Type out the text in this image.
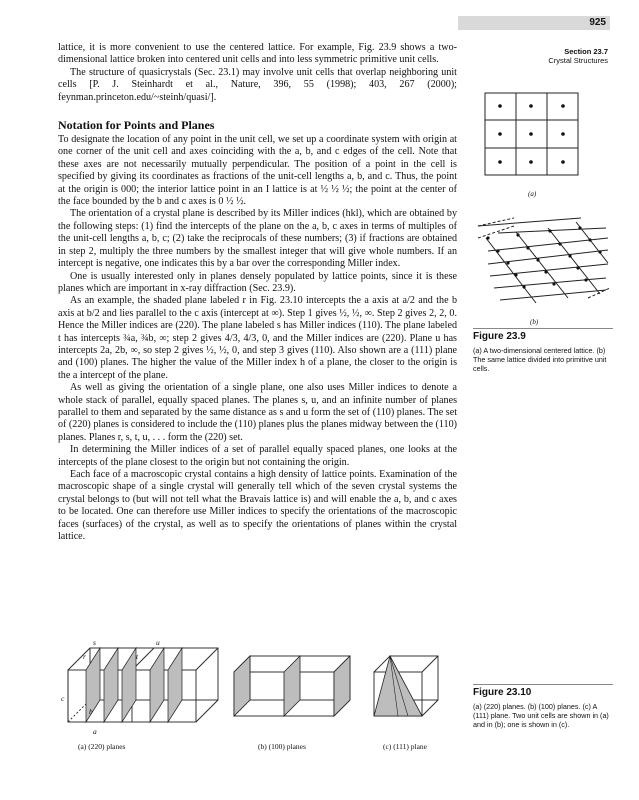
925
Section 23.7
Crystal Structures

lattice, it is more convenient to use the centered lattice. For example, Fig. 23.9 shows a two-dimensional lattice broken into centered unit cells and into less symmetric primitive unit cells.

The structure of quasicrystals (Sec. 23.1) may involve unit cells that overlap neighboring unit cells [P. J. Steinhardt et al., Nature, 396, 55 (1998); 403, 267 (2000); feynman.princeton.edu/~steinh/quasi/].

Notation for Points and Planes

To designate the location of any point in the unit cell, we set up a coordinate system with origin at one corner of the unit cell and axes coinciding with the a, b, and c edges of the cell. Note that these axes are not necessarily mutually perpendicular. The position of a point in the cell is specified by giving its coordinates as fractions of the unit-cell lengths a, b, and c. Thus, the point at the origin is 000; the interior lattice point in an I lattice is at ½ ½ ½; the point at the center of the face bounded by the b and c axes is 0 ½ ½.

The orientation of a crystal plane is described by its Miller indices (hkl), which are obtained by the following steps: (1) find the intercepts of the plane on the a, b, c axes in terms of multiples of the unit-cell lengths a, b, c; (2) take the reciprocals of these numbers; (3) if fractions are obtained in step 2, multiply the three numbers by the smallest integer that will give whole numbers. If an intercept is negative, one indicates this by a bar over the corresponding Miller index.

One is usually interested only in planes densely populated by lattice points, since it is these planes which are important in x-ray diffraction (Sec. 23.9).

As an example, the shaded plane labeled r in Fig. 23.10 intercepts the a axis at a/2 and the b axis at b/2 and lies parallel to the c axis (intercept at ∞). Step 1 gives ½, ½, ∞. Step 2 gives 2, 2, 0. Hence the Miller indices are (220). The plane labeled s has Miller indices (110). The plane labeled t has intercepts ¾a, ¾b, ∞; step 2 gives 4/3, 4/3, 0, and the Miller indices are (220). Plane u has intercepts 2a, 2b, ∞, so step 2 gives ½, ½, 0, and step 3 gives (110). Also shown are a (111) plane and (100) planes. The higher the value of the Miller index h of a plane, the closer to the origin is the a intercept of the plane.

As well as giving the orientation of a single plane, one also uses Miller indices to denote a whole stack of parallel, equally spaced planes. The planes s, u, and an infinite number of planes parallel to them and separated by the same distance as s and u form the set of (110) planes. The set of (220) planes is considered to include the (110) planes plus the planes midway between the (110) planes. Planes r, s, t, u, . . . form the (220) set.

In determining the Miller indices of a set of parallel equally spaced planes, one looks at the intercepts of the plane closest to the origin but not containing the origin.

Each face of a macroscopic crystal contains a high density of lattice points. Examination of the macroscopic shape of a single crystal will generally tell which of the seven crystal systems the crystal belongs to (but will not tell what the Bravais lattice is) and will enable the a, b, and c axes to be located. One can therefore use Miller indices to specify the orientations of the macroscopic faces (surfaces) of the crystal, as well as to specify the orientations of planes within the crystal lattice.

(a)
(b)
Figure 23.9
(a) A two-dimensional centered lattice. (b) The same lattice divided into primitive unit cells.
s	u
r	t
c
b
a
(a) (220) planes	(b) (100) planes	(c) (111) plane
Figure 23.10
(a) (220) planes. (b) (100) planes. (c) A (111) plane. Two unit cells are shown in (a) and in (b); one is shown in (c).
